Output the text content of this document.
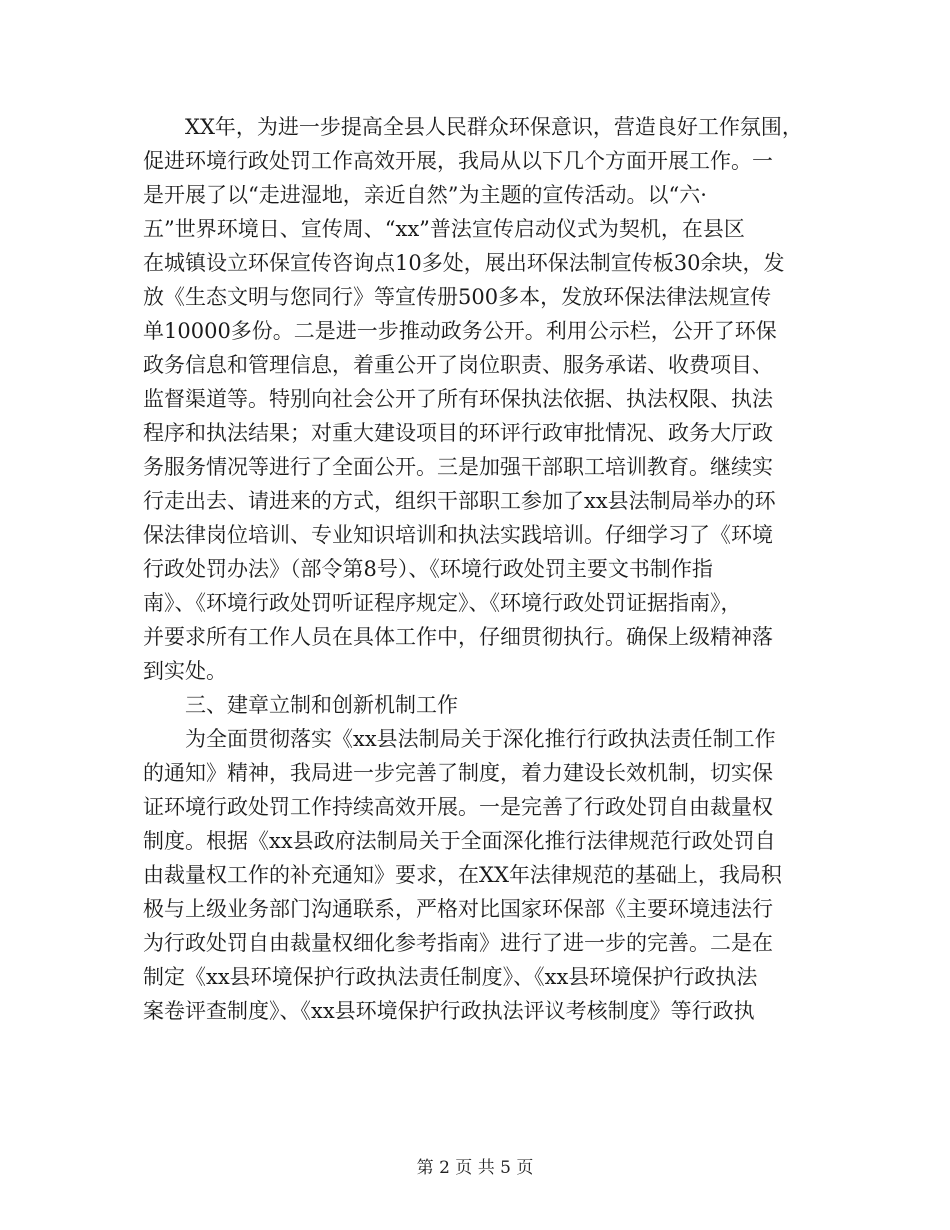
　　XX年，为进一步提高全县人民群众环保意识，营造良好工作氛围，
促进环境行政处罚工作高效开展，我局从以下几个方面开展工作。一
是开展了以“走进湿地，亲近自然”为主题的宣传活动。以“六·
五”世界环境日、宣传周、“xx”普法宣传启动仪式为契机，在县区
在城镇设立环保宣传咨询点10多处，展出环保法制宣传板30余块，发
放《生态文明与您同行》等宣传册500多本，发放环保法律法规宣传
单10000多份。二是进一步推动政务公开。利用公示栏，公开了环保
政务信息和管理信息，着重公开了岗位职责、服务承诺、收费项目、
监督渠道等。特别向社会公开了所有环保执法依据、执法权限、执法
程序和执法结果；对重大建设项目的环评行政审批情况、政务大厅政
务服务情况等进行了全面公开。三是加强干部职工培训教育。继续实
行走出去、请进来的方式，组织干部职工参加了xx县法制局举办的环
保法律岗位培训、专业知识培训和执法实践培训。仔细学习了《环境
行政处罚办法》（部令第8号）、《环境行政处罚主要文书制作指
南》、《环境行政处罚听证程序规定》、《环境行政处罚证据指南》，
并要求所有工作人员在具体工作中，仔细贯彻执行。确保上级精神落
到实处。
　　三、建章立制和创新机制工作
　　为全面贯彻落实《xx县法制局关于深化推行行政执法责任制工作
的通知》精神，我局进一步完善了制度，着力建设长效机制，切实保
证环境行政处罚工作持续高效开展。一是完善了行政处罚自由裁量权
制度。根据《xx县政府法制局关于全面深化推行法律规范行政处罚自
由裁量权工作的补充通知》要求，在XX年法律规范的基础上，我局积
极与上级业务部门沟通联系，严格对比国家环保部《主要环境违法行
为行政处罚自由裁量权细化参考指南》进行了进一步的完善。二是在
制定《xx县环境保护行政执法责任制度》、《xx县环境保护行政执法
案卷评查制度》、《xx县环境保护行政执法评议考核制度》等行政执
第 2 页 共 5 页
